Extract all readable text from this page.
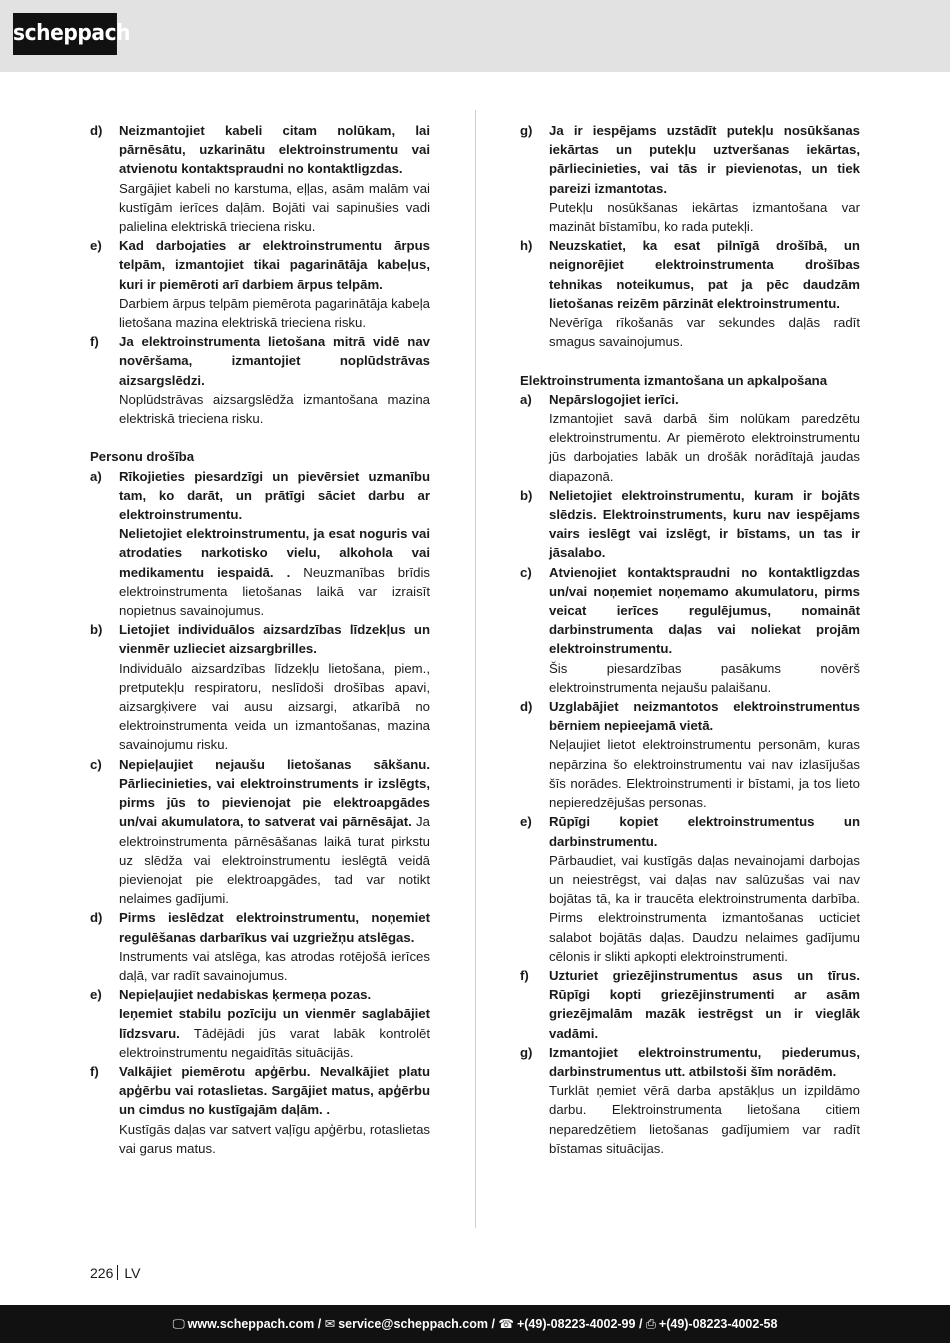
scheppach
d)	Neizmantojiet kabeli citam nolūkam, lai pārnēsātu, uzkarinātu elektroinstrumentu vai atvienotu kontaktspraudni no kontaktligzdas.
Sargājiet kabeli no karstuma, eļļas, asām malām vai kustīgām ierīces daļām. Bojāti vai sapinušies vadi palielina elektriskā trieciena risku.
e)	Kad darbojaties ar elektroinstrumentu ārpus telpām, izmantojiet tikai pagarinātāja kabeļus, kuri ir piemēroti arī darbiem ārpus telpām.
Darbiem ārpus telpām piemērota pagarinātāja kabeļa lietošana mazina elektriskā trieciena risku.
f)	Ja elektroinstrumenta lietošana mitrā vidē nav novēršama, izmantojiet noplūdstrāvas aizsargslēdzi.
Noplūdstrāvas aizsargslēdža izmantošana mazina elektriskā trieciena risku.
Personu drošība
a)	Rīkojieties piesardzīgi un pievērsiet uzmanību tam, ko darāt, un prātīgi sāciet darbu ar elektroinstrumentu.
Nelietojiet elektroinstrumentu, ja esat noguris vai atrodaties narkotisko vielu, alkohola vai medikamentu iespaidā. . Neuzmanības brīdis elektroinstrumenta lietošanas laikā var izraisīt nopietnus savainojumus.
b)	Lietojiet individuālos aizsardzības līdzekļus un vienmēr uzlieciet aizsargbrilles.
Individuālo aizsardzības līdzekļu lietošana, piem., pretputekļu respiratoru, neslīdoši drošības apavi, aizsargķivere vai ausu aizsargi, atkarībā no elektroinstrumenta veida un izmantošanas, mazina savainojumu risku.
c)	Nepieļaujiet nejaušu lietošanas sākšanu. Pārliecinieties, vai elektroinstruments ir izslēgts, pirms jūs to pievienojat pie elektroapgādes un/vai akumulatora, to satverat vai pārnēsājat. Ja elektroinstrumenta pārnēsāšanas laikā turat pirkstu uz slēdža vai elektroinstrumentu ieslēgtā veidā pievienojat pie elektroapgādes, tad var notikt nelaimes gadījumi.
d)	Pirms ieslēdzat elektroinstrumentu, noņemiet regulēšanas darbarīkus vai uzgriežņu atslēgas.
Instruments vai atslēga, kas atrodas rotējošā ierīces daļā, var radīt savainojumus.
e)	Nepieļaujiet nedabiskas ķermeņa pozas.
Ieņemiet stabilu pozīciju un vienmēr saglabājiet līdzsvaru. Tādējādi jūs varat labāk kontrolēt elektroinstrumentu negaidītās situācijās.
f)	Valkājiet piemērotu apģērbu. Nevalkājiet platu apģērbu vai rotaslietas. Sargājiet matus, apģērbu un cimdus no kustīgajām daļām. .
Kustīgās daļas var satvert vaļīgu apģērbu, rotaslietas vai garus matus.
g)	Ja ir iespējams uzstādīt putekļu nosūkšanas iekārtas un putekļu uztveršanas iekārtas, pārliecinieties, vai tās ir pievienotas, un tiek pareizi izmantotas.
Putekļu nosūkšanas iekārtas izmantošana var mazināt bīstamību, ko rada putekļi.
h)	Neuzskatiet, ka esat pilnīgā drošībā, un neignorējiet elektroinstrumenta drošības tehnikas noteikumus, pat ja pēc daudzām lietošanas reizēm pārzināt elektroinstrumentu.
Nevērīga rīkošanās var sekundes daļās radīt smagus savainojumus.
Elektroinstrumenta izmantošana un apkalpošana
a)	Nepārslogojiet ierīci.
Izmantojiet savā darbā šim nolūkam paredzētu elektroinstrumentu. Ar piemēroto elektroinstrumentu jūs darbojaties labāk un drošāk norādītajā jaudas diapazonā.
b)	Nelietojiet elektroinstrumentu, kuram ir bojāts slēdzis. Elektroinstruments, kuru nav iespējams vairs ieslēgt vai izslēgt, ir bīstams, un tas ir jāsalabo.
c)	Atvienojiet kontaktspraudni no kontaktligzdas un/vai noņemiet noņemamo akumulatoru, pirms veicat ierīces regulējumus, nomaināt darbinstrumenta daļas vai noliekat projām elektroinstrumentu.
Šis piesardzības pasākums novērš elektroinstrumenta nejaušu palaišanu.
d)	Uzglabājiet neizmantotos elektroinstrumentus bērniem nepieejamā vietā.
Neļaujiet lietot elektroinstrumentu personām, kuras nepārzina šo elektroinstrumentu vai nav izlasījušas šīs norādes. Elektroinstrumenti ir bīstami, ja tos lieto nepieredzējušas personas.
e)	Rūpīgi kopiet elektroinstrumentus un darbinstrumentu.
Pārbaudiet, vai kustīgās daļas nevainojami darbojas un neiestrēgst, vai daļas nav salūzušas vai nav bojātas tā, ka ir traucēta elektroinstrumenta darbība. Pirms elektroinstrumenta izmantošanas ucticiet salabot bojātās daļas. Daudzu nelaimes gadījumu cēlonis ir slikti apkopti elektroinstrumenti.
f)	Uzturiet griezējinstrumentus asus un tīrus. Rūpīgi kopti griezējinstrumenti ar asām griezējmalām mazāk iestrēgst un ir vieglāk vadāmi.
g)	Izmantojiet elektroinstrumentu, piederumus, darbinstrumentus utt. atbilstoši šīm norādēm.
Turklāt ņemiet vērā darba apstākļus un izpildāmo darbu. Elektroinstrumenta lietošana citiem neparedzētiem lietošanas gadījumiem var radīt bīstamas situācijas.
226 LV
🖵 www.scheppach.com / ✉ service@scheppach.com / ☎ +(49)-08223-4002-99 / ⎙ +(49)-08223-4002-58
